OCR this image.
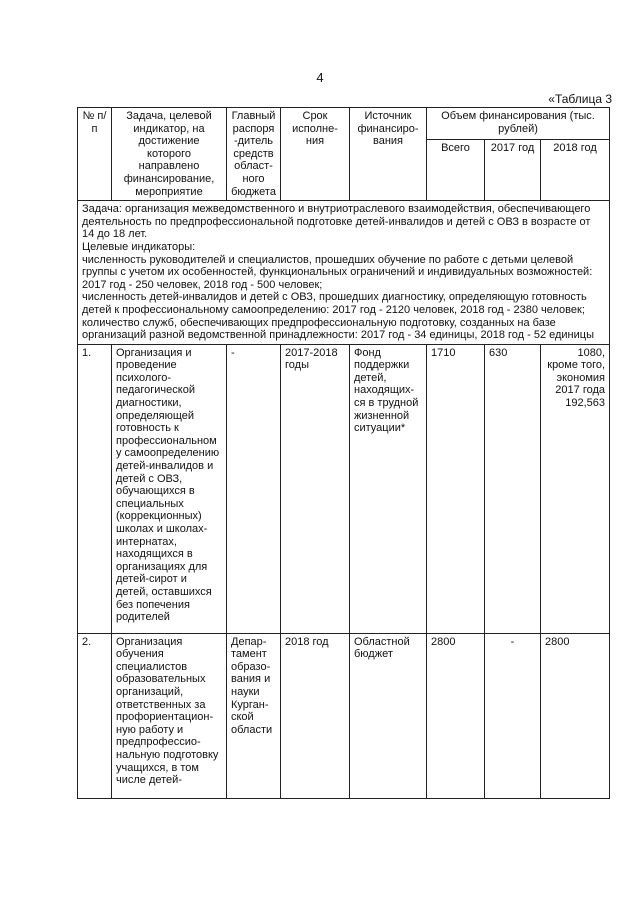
4
«Таблица 3
№ п/п	Задача, целевой индикатор, на достижение которого направлено финансирование, мероприятие	Главный распоря-дитель средств област-ного бюджета	Срок исполне-ния	Источник финансиро-вания	Объем финансирования (тыс. рублей)		
					Всего	2017 год	2018 год

Задача: организация межведомственного и внутриотраслевого взаимодействия, обеспечивающего деятельность по предпрофессиональной подготовке детей-инвалидов и детей с ОВЗ в возрасте от 14 до 18 лет.
Целевые индикаторы:
численность руководителей и специалистов, прошедших обучение по работе с детьми целевой группы с учетом их особенностей, функциональных ограничений и индивидуальных возможностей: 2017 год - 250 человек, 2018 год - 500 человек;
численность детей-инвалидов и детей с ОВЗ, прошедших диагностику, определяющую готовность детей к профессиональному самоопределению: 2017 год - 2120 человек, 2018 год - 2380 человек;
количество служб, обеспечивающих предпрофессиональную подготовку, созданных на базе организаций разной ведомственной принадлежности: 2017 год - 34 единицы, 2018 год - 52 единицы							

1.	Организация и проведение психолого-педагогической диагностики, определяющей готовность к профессиональному самоопределению детей-инвалидов и детей с ОВЗ, обучающихся в специальных (коррекционных) школах и школах-интернатах, находящихся в организациях для детей-сирот и детей, оставшихся без попечения родителей	-	2017-2018 годы	Фонд поддержки детей, находящих-ся в трудной жизненной ситуации*	1710	630	1080, кроме того, экономия 2017 года 192,563
2.	Организация обучения специалистов образовательных организаций, ответственных за профориентацион-ную работу и предпрофессио-нальную подготовку учащихся, в том числе детей-	Депар-тамент образо-вания и науки Курган-ской области	2018 год	Областной бюджет	2800	-	2800
